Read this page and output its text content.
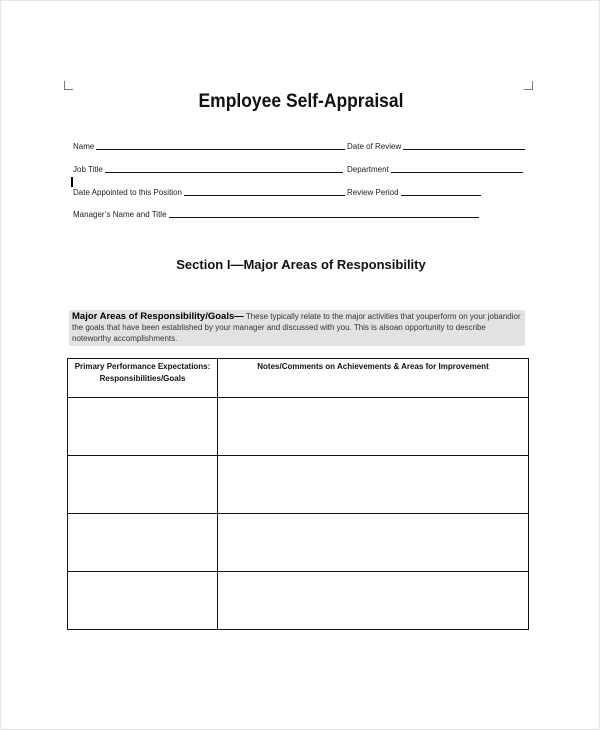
Employee Self-Appraisal
Name	Date of Review
Job Title	Department
Date Appointed to this Position	Review Period
Manager’s Name and Title
Section I—Major Areas of Responsibility
Major Areas of Responsibility/Goals— These typically relate to the major activities that youperform on your jobandior the goals that have been established by your manager and discussed with you. This is alsoan opportunity to describe noteworthy accomplishments.
Primary Performance Expectations: Responsibilities/Goals	Notes/Comments on Achievements & Areas for Improvement
